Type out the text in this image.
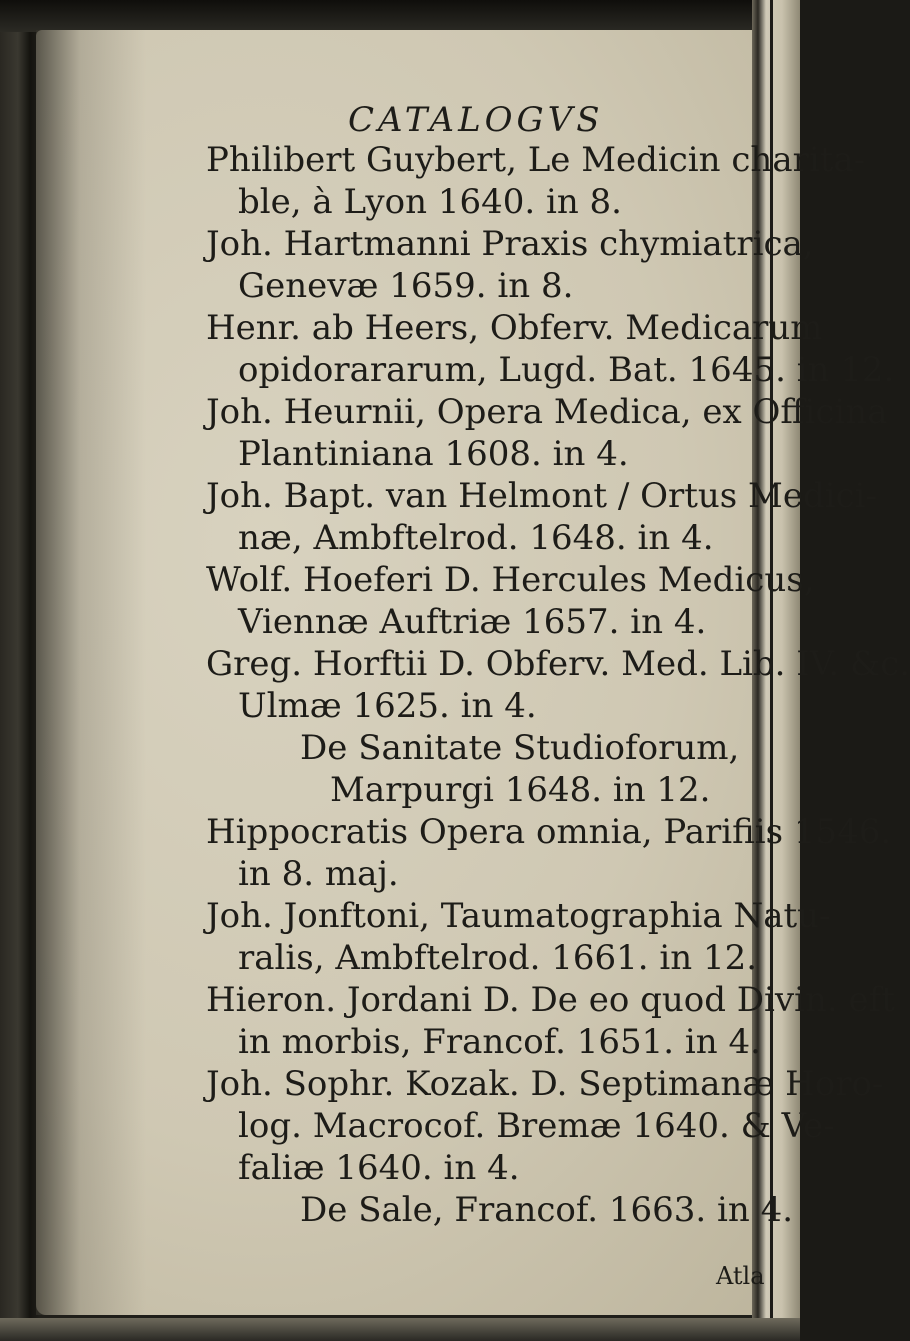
CATALOGVS
Philibert Guybert, Le Medicin charita-
ble, à Lyon 1640. in 8.
Joh. Hartmanni Praxis chymiatrica,
Genevæ 1659. in 8.
Henr. ab Heers, Obferv. Medicarum
opidorararum, Lugd. Bat. 1645. in 12.
Joh. Heurnii, Opera Medica, ex Officina
Plantiniana 1608. in 4.
Joh. Bapt. van Helmont / Ortus Medici-
næ, Ambftelrod. 1648. in 4.
Wolf. Hoeferi D. Hercules Medicus,
Viennæ Auftriæ 1657. in 4.
Greg. Horftii D. Obferv. Med. Lib. IV. &c.
Ulmæ 1625. in 4.
De Sanitate Studioforum,
Marpurgi 1648. in 12.
Hippocratis Opera omnia, Parifiis 1546.
in 8. maj.
Joh. Jonftoni, Taumatographia Natu-
ralis, Ambftelrod. 1661. in 12.
Hieron. Jordani D. De eo quod Divin. eft
in morbis, Francof. 1651. in 4.
Joh. Sophr. Kozak. D. Septimanæ Horo-
log. Macrocof. Bremæ 1640. & Ve-
faliæ 1640. in 4.
De Sale, Francof. 1663. in 4.
Atla
